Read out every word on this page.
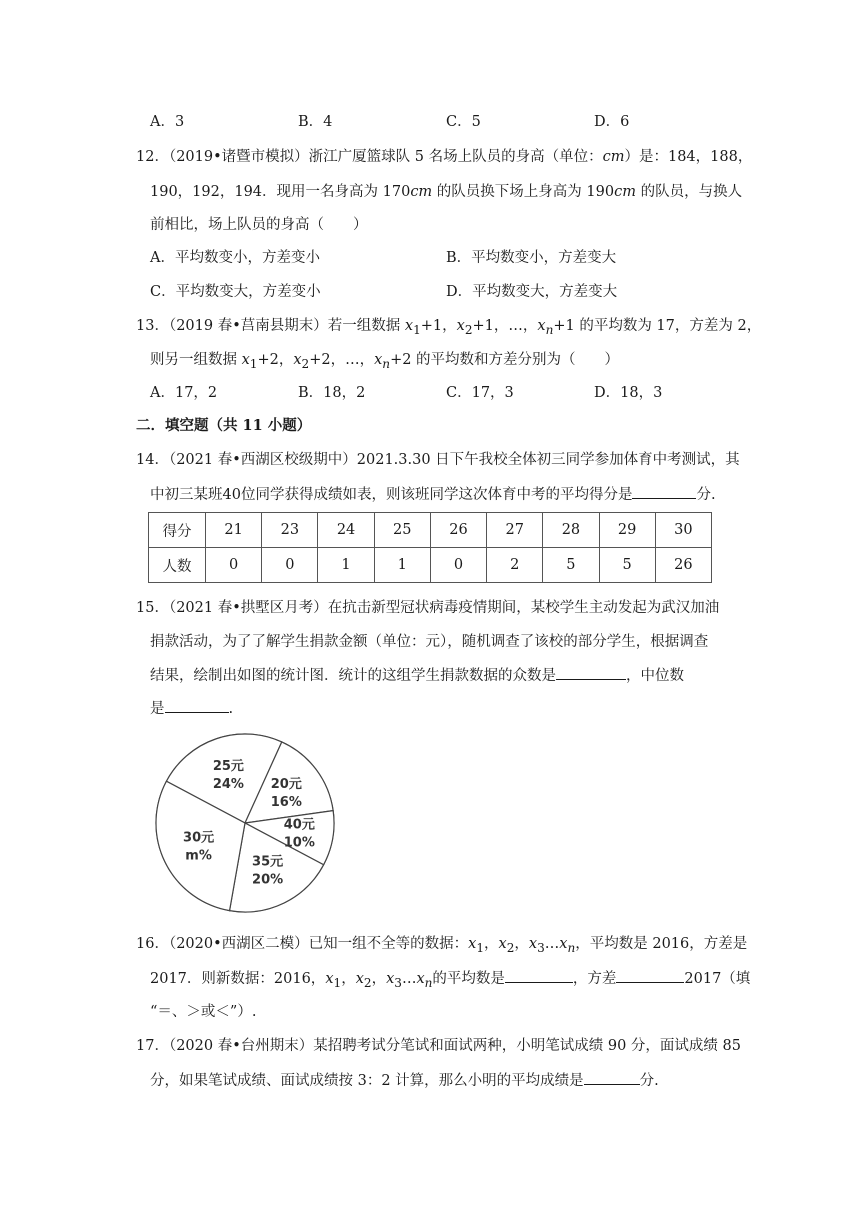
A．3	B．4	C．5	D．6
12．（2019•诸暨市模拟）浙江广厦篮球队 5 名场上队员的身高（单位：cm）是：184，188，
190，192，194．现用一名身高为 170cm 的队员换下场上身高为 190cm 的队员，与换人
前相比，场上队员的身高（　　）
A．平均数变小，方差变小	B．平均数变小，方差变大
C．平均数变大，方差变小	D．平均数变大，方差变大
13．（2019 春•莒南县期末）若一组数据 $x_1+1$，$x_2+1$，…，$x_n+1$ 的平均数为 17，方差为 2，
则另一组数据 $x_1+2$，$x_2+2$，…，$x_n+2$ 的平均数和方差分别为（　　）
A．17，2	B．18，2	C．17，3	D．18，3
二．填空题（共 11 小题）
14．（2021 春•西湖区校级期中）2021.3.30 日下午我校全体初三同学参加体育中考测试，其
中初三某班40位同学获得成绩如表，则该班同学这次体育中考的平均得分是	分.
得分	21	23	24	25	26	27	28	29	30
人数	0	0	1	1	0	2	5	5	26
15．（2021 春•拱墅区月考）在抗击新型冠状病毒疫情期间，某校学生主动发起为武汉加油
捐款活动，为了了解学生捐款金额（单位：元），随机调查了该校的部分学生，根据调查
结果，绘制出如图的统计图．统计的这组学生捐款数据的众数是	，中位数
是	.
25元
24% 20元
16%
40元
10%
35元
20%
30元
m%
16．（2020•西湖区二模）已知一组不全等的数据：$x_1$，$x_2$，$x_3\dots x_n$，平均数是 2016，方差是
2017．则新数据：2016，$x_1$，$x_2$，$x_3\dots x_n$的平均数是	，方差	2017（填
“＝、＞或＜”）.
17．（2020 春•台州期末）某招聘考试分笔试和面试两种，小明笔试成绩 90 分，面试成绩 85
分，如果笔试成绩、面试成绩按 3：2 计算，那么小明的平均成绩是	分.
